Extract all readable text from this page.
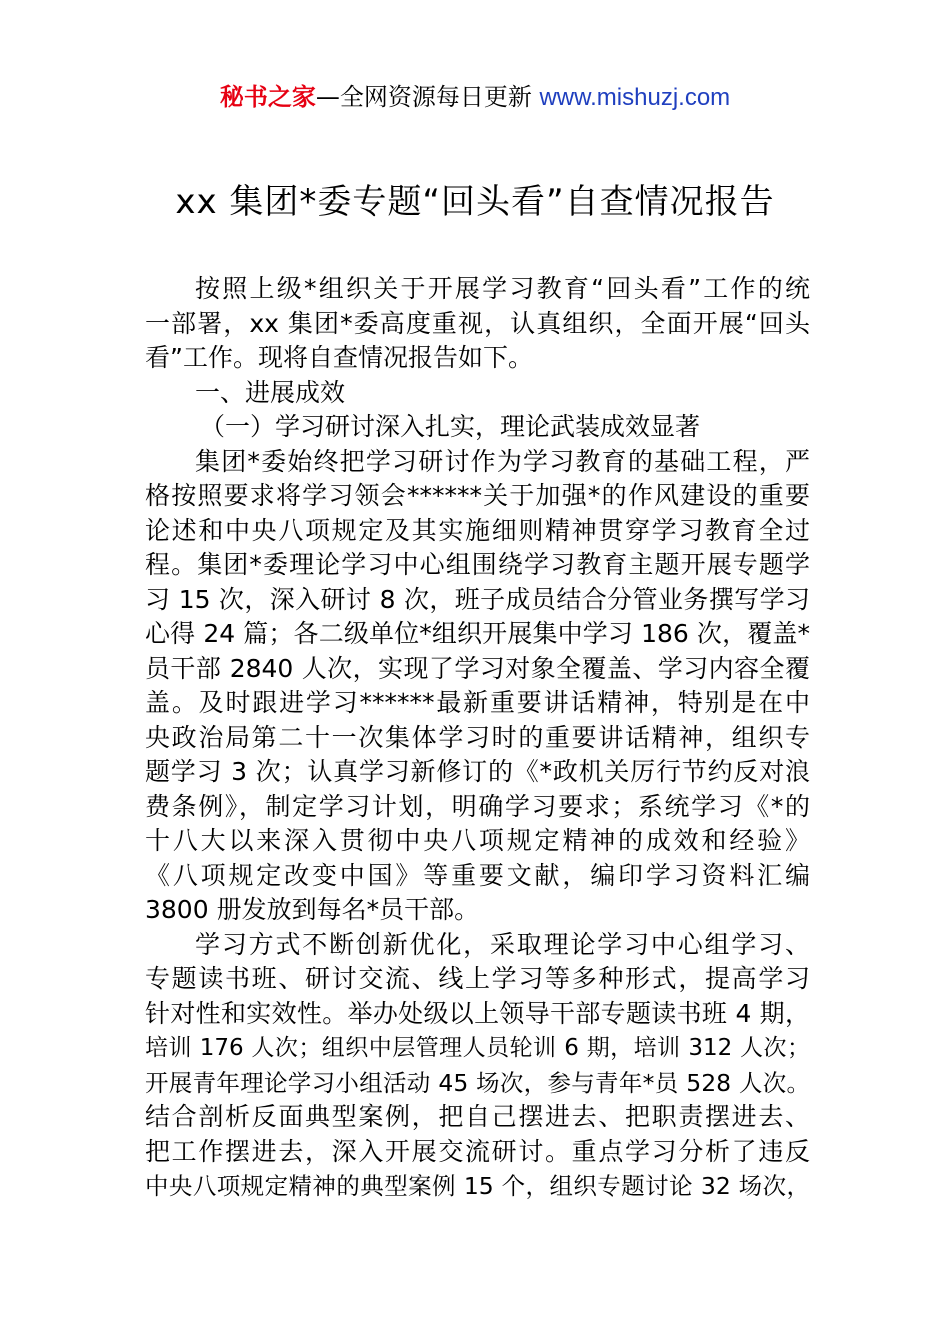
秘书之家—全网资源每日更新 www.mishuzj.com
xx 集团*委专题“回头看”自查情况报告
按照上级*组织关于开展学习教育“回头看”工作的统
一部署，xx 集团*委高度重视，认真组织，全面开展“回头
看”工作。现将自查情况报告如下。
一、进展成效
（一）学习研讨深入扎实，理论武装成效显著
集团*委始终把学习研讨作为学习教育的基础工程，严
格按照要求将学习领会******关于加强*的作风建设的重要
论述和中央八项规定及其实施细则精神贯穿学习教育全过
程。集团*委理论学习中心组围绕学习教育主题开展专题学
习 15 次，深入研讨 8 次，班子成员结合分管业务撰写学习
心得 24 篇；各二级单位*组织开展集中学习 186 次，覆盖*
员干部 2840 人次，实现了学习对象全覆盖、学习内容全覆
盖。及时跟进学习******最新重要讲话精神，特别是在中
央政治局第二十一次集体学习时的重要讲话精神，组织专
题学习 3 次；认真学习新修订的《*政机关厉行节约反对浪
费条例》，制定学习计划，明确学习要求；系统学习《*的
十八大以来深入贯彻中央八项规定精神的成效和经验》
《八项规定改变中国》等重要文献，编印学习资料汇编
3800 册发放到每名*员干部。
学习方式不断创新优化，采取理论学习中心组学习、
专题读书班、研讨交流、线上学习等多种形式，提高学习
针对性和实效性。举办处级以上领导干部专题读书班 4 期，
培训 176 人次；组织中层管理人员轮训 6 期，培训 312 人次；
开展青年理论学习小组活动 45 场次，参与青年*员 528 人次。
结合剖析反面典型案例，把自己摆进去、把职责摆进去、
把工作摆进去，深入开展交流研讨。重点学习分析了违反
中央八项规定精神的典型案例 15 个，组织专题讨论 32 场次，
